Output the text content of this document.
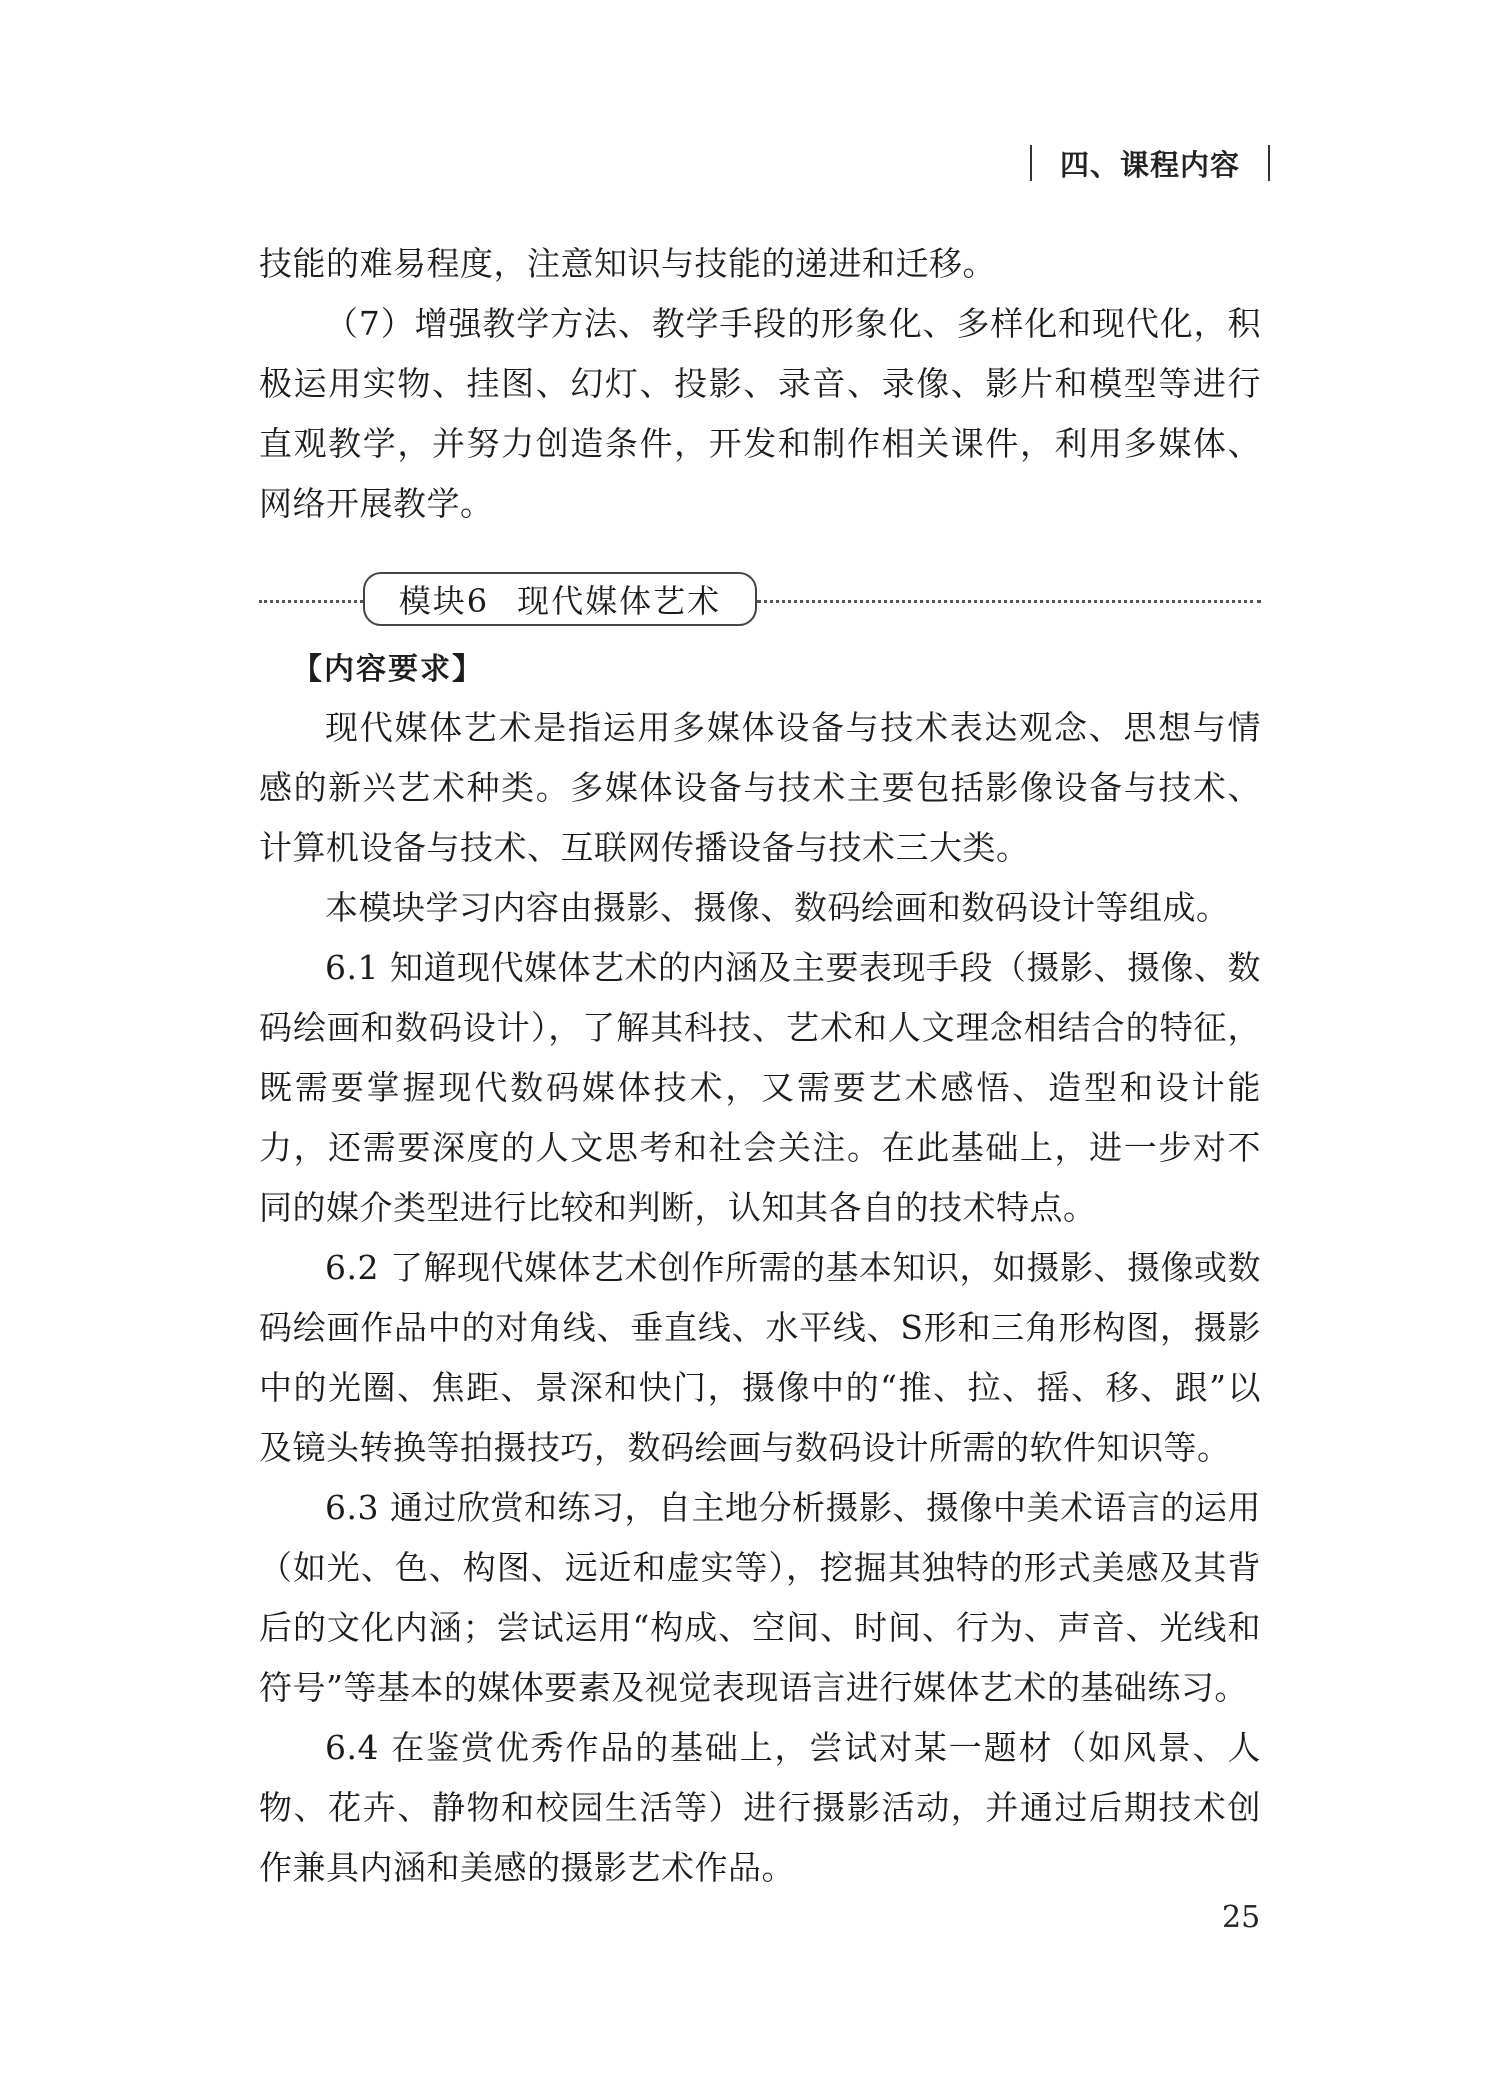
四、课程内容

技能的难易程度，注意知识与技能的递进和迁移。

（7）增强教学方法、教学手段的形象化、多样化和现代化，积极运用实物、挂图、幻灯、投影、录音、录像、影片和模型等进行直观教学，并努力创造条件，开发和制作相关课件，利用多媒体、网络开展教学。

模块6 现代媒体艺术
【内容要求】

现代媒体艺术是指运用多媒体设备与技术表达观念、思想与情感的新兴艺术种类。多媒体设备与技术主要包括影像设备与技术、计算机设备与技术、互联网传播设备与技术三大类。

本模块学习内容由摄影、摄像、数码绘画和数码设计等组成。

6.1 知道现代媒体艺术的内涵及主要表现手段（摄影、摄像、数码绘画和数码设计），了解其科技、艺术和人文理念相结合的特征，既需要掌握现代数码媒体技术，又需要艺术感悟、造型和设计能力，还需要深度的人文思考和社会关注。在此基础上，进一步对不同的媒介类型进行比较和判断，认知其各自的技术特点。

6.2 了解现代媒体艺术创作所需的基本知识，如摄影、摄像或数码绘画作品中的对角线、垂直线、水平线、S形和三角形构图，摄影中的光圈、焦距、景深和快门，摄像中的“推、拉、摇、移、跟”以及镜头转换等拍摄技巧，数码绘画与数码设计所需的软件知识等。

6.3 通过欣赏和练习，自主地分析摄影、摄像中美术语言的运用（如光、色、构图、远近和虚实等），挖掘其独特的形式美感及其背后的文化内涵；尝试运用“构成、空间、时间、行为、声音、光线和符号”等基本的媒体要素及视觉表现语言进行媒体艺术的基础练习。

6.4 在鉴赏优秀作品的基础上，尝试对某一题材（如风景、人物、花卉、静物和校园生活等）进行摄影活动，并通过后期技术创作兼具内涵和美感的摄影艺术作品。

25
